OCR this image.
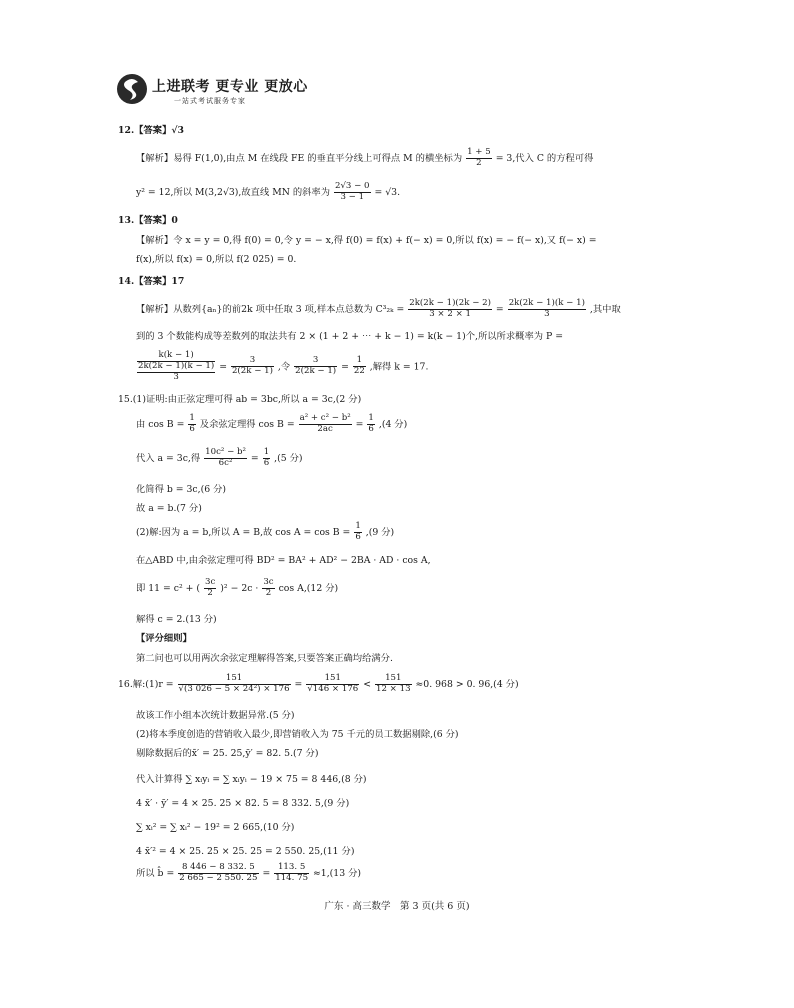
上进联考 更专业 更放心
一站式考试服务专家
12.【答案】√3
【解析】易得 F(1,0),由点 M 在线段 FE 的垂直平分线上可得点 M 的横坐标为 $\frac{1 + 5}{2} = 3$,代入 C 的方程可得
y² = 12,所以 M(3,2√3),故直线 MN 的斜率为 $\frac{2√3 - 0}{3 - 1} = √3$.
13.【答案】0
【解析】令 x = y = 0,得 f(0) = 0,令 y = − x,得 f(0) = f(x) + f(− x) = 0,所以 f(x) = − f(− x),又 f(− x) =
f(x),所以 f(x) = 0,所以 f(2 025) = 0.
14.【答案】17
【解析】从数列{aₙ}的前2k 项中任取 3 项,样本点总数为 $C^3_{2k} = \frac{2k(2k - 1)(2k - 2)}{3 \times 2 \times 1} = \frac{2k(2k - 1)(k - 1)}{3}$ ,其中取
到的 3 个数能构成等差数列的取法共有 2 × (1 + 2 + ⋯ + k − 1) = k(k − 1)个,所以所求概率为 P =
k(k − 1)
2k(2k − 1)(k − 1)
3
= $\frac{3}{2(2k - 1)}$ ,令 $\frac{3}{2(2k - 1)} = \frac{1}{22}$ ,解得 k = 17.
15.(1)证明:由正弦定理可得 ab = 3bc,所以 a = 3c,(2 分)
由 $\cos B = \frac{1}{6}$ 及余弦定理得 $\cos B = \frac{\text{a² + c² − b²}}{2ac} = \frac{1}{6} ,(4$ 分)
代入 a = 3c,得 $\frac{\text{10c² − b²}}{\text{6c²}} = \frac{1}{6} ,(5$ 分)
化简得 b = 3c,(6 分)
故 a = b.(7 分)
(2)解:因为 a = b,所以 A = B,故 $\cos A = \cos B = \frac{1}{6} ,(9$ 分)
在△ABD 中,由余弦定理可得 BD² = BA² + AD² − 2BA · AD · cos A,
即 11 = c² + ( $\frac{3c}{2} )^2 - 2c \cdot \frac{3c}{2}$ cos A,(12 分)
解得 c = 2.(13 分)
【评分细则】
第二问也可以用两次余弦定理解得答案,只要答案正确均给满分.
16.解:(1)r = $\frac{151}{\text{√(3 026 − 5 × 24²) × 176}} = \frac{151}{√146 \times 176} < \frac{151}{12 \times 13} \approx 0$. 968 > 0. 96,(4 分)
故该工作小组本次统计数据异常.(5 分)
(2)将本季度创造的营销收入最少,即营销收入为 75 千元的员工数据剔除,(6 分)
剔除数据后的x̄′ = 25. 25,ȳ′ = 82. 5.(7 分)
代入计算得 ∑ xᵢyᵢ = ∑ xᵢyᵢ − 19 × 75 = 8 446,(8 分)
4 x̄′ · ȳ′ = 4 × 25. 25 × 82. 5 = 8 332. 5,(9 分)
∑ xᵢ² = ∑ xᵢ² − 19² = 2 665,(10 分)
4 x̄′² = 4 × 25. 25 × 25. 25 = 2 550. 25,(11 分)
所以 b̂ = $\frac{8 446 - 8 332. 5}{2 665 - 2 550. 25} = \frac{113. 5}{114. 75} \approx 1,(13$ 分)
广东 · 高三数学　第 3 页(共 6 页)
